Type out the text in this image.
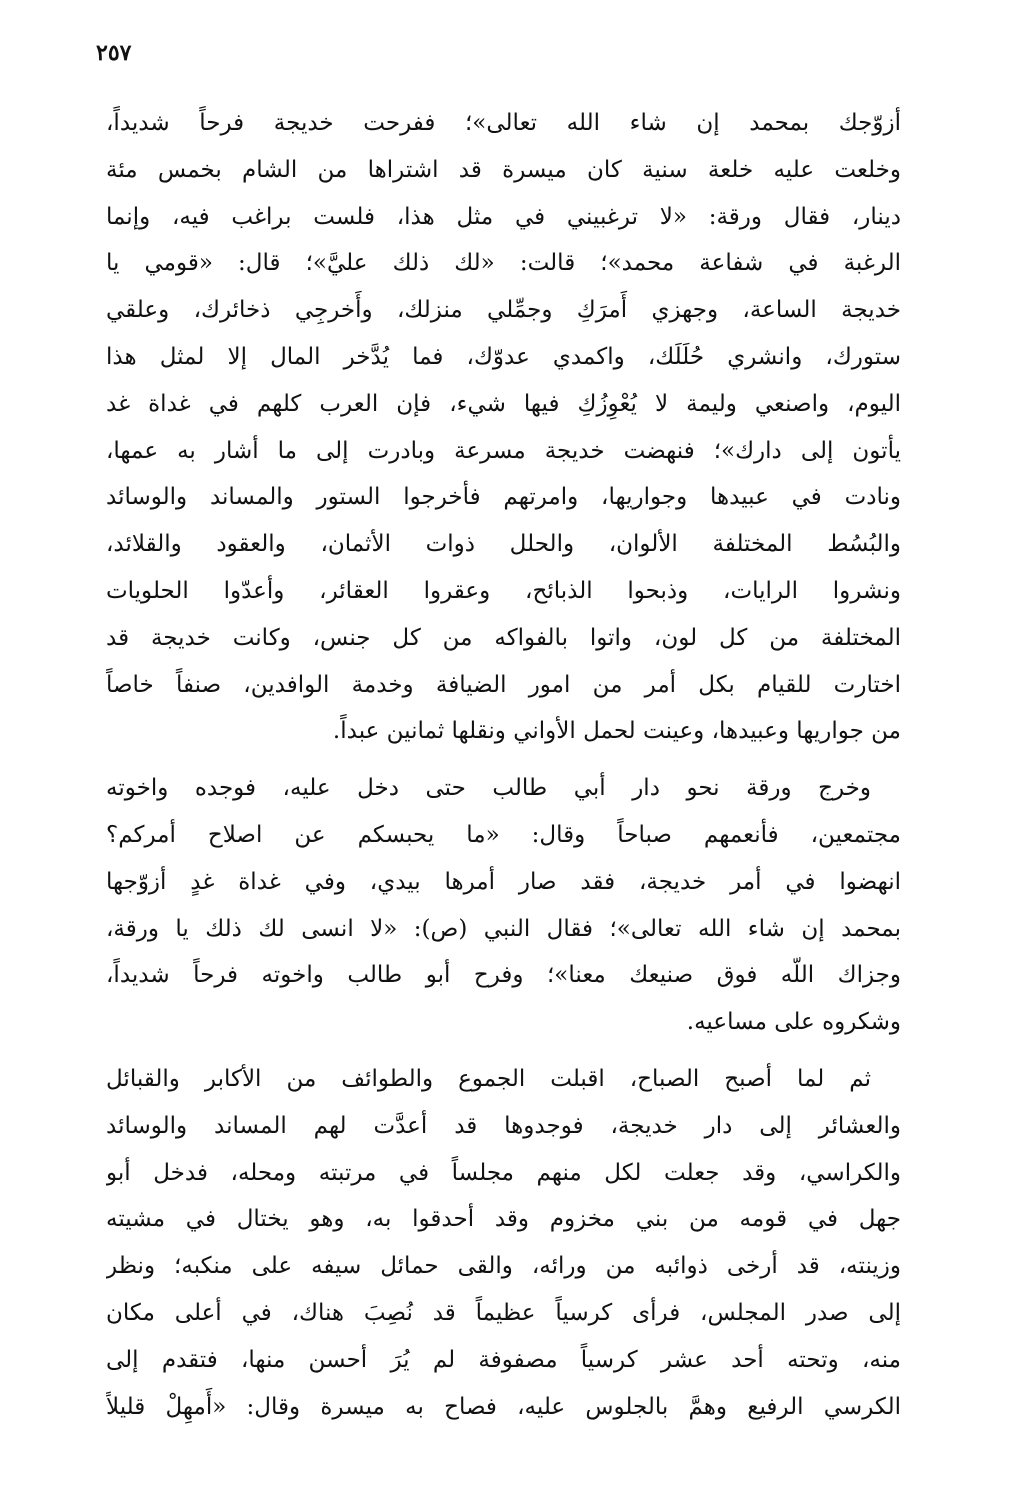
٢٥٧
أزوّجك بمحمد إن شاء الله تعالى»؛ ففرحت خديجة فرحاً شديداً،
وخلعت عليه خلعة سنية كان ميسرة قد اشتراها من الشام بخمس مئة
دينار، فقال ورقة: «لا ترغبيني في مثل هذا، فلست براغب فيه، وإنما
الرغبة في شفاعة محمد»؛ قالت: «لك ذلك عليَّ»؛ قال: «قومي يا
خديجة الساعة، وجهزي أَمرَكِ وجمِّلي منزلك، وأَخرجِي ذخائرك، وعلقي
ستورك، وانشري حُلَلَك، واكمدي عدوّك، فما يُدَّخر المال إلا لمثل هذا
اليوم، واصنعي وليمة لا يُعْوِزُكِ فيها شيء، فإن العرب كلهم في غداة غد
يأتون إلى دارك»؛ فنهضت خديجة مسرعة وبادرت إلى ما أشار به عمها،
ونادت في عبيدها وجواريها، وامرتهم فأخرجوا الستور والمساند والوسائد
والبُسُط المختلفة الألوان، والحلل ذوات الأثمان، والعقود والقلائد،
ونشروا الرايات، وذبحوا الذبائح، وعقروا العقائر، وأعدّوا الحلويات
المختلفة من كل لون، واتوا بالفواكه من كل جنس، وكانت خديجة قد
اختارت للقيام بكل أمر من امور الضيافة وخدمة الوافدين، صنفاً خاصاً
من جواريها وعبيدها، وعينت لحمل الأواني ونقلها ثمانين عبداً.
وخرج ورقة نحو دار أبي طالب حتى دخل عليه، فوجده واخوته
مجتمعين، فأنعمهم صباحاً وقال: «ما يحبسكم عن اصلاح أمركم؟
انهضوا في أمر خديجة، فقد صار أمرها بيدي، وفي غداة غدٍ أزوّجها
بمحمد إن شاء الله تعالى»؛ فقال النبي (ص): «لا انسى لك ذلك يا ورقة،
وجزاك اللّه فوق صنيعك معنا»؛ وفرح أبو طالب واخوته فرحاً شديداً،
وشكروه على مساعيه.
ثم لما أصبح الصباح، اقبلت الجموع والطوائف من الأكابر والقبائل
والعشائر إلى دار خديجة، فوجدوها قد أعدَّت لهم المساند والوسائد
والكراسي، وقد جعلت لكل منهم مجلساً في مرتبته ومحله، فدخل أبو
جهل في قومه من بني مخزوم وقد أحدقوا به، وهو يختال في مشيته
وزينته، قد أرخى ذوائبه من ورائه، والقى حمائل سيفه على منكبه؛ ونظر
إلى صدر المجلس، فرأى كرسياً عظيماً قد نُصِبَ هناك، في أعلى مكان
منه، وتحته أحد عشر كرسياً مصفوفة لم يُرَ أحسن منها، فتقدم إلى
الكرسي الرفيع وهمَّ بالجلوس عليه، فصاح به ميسرة وقال: «أَمهِلْ قليلاً
